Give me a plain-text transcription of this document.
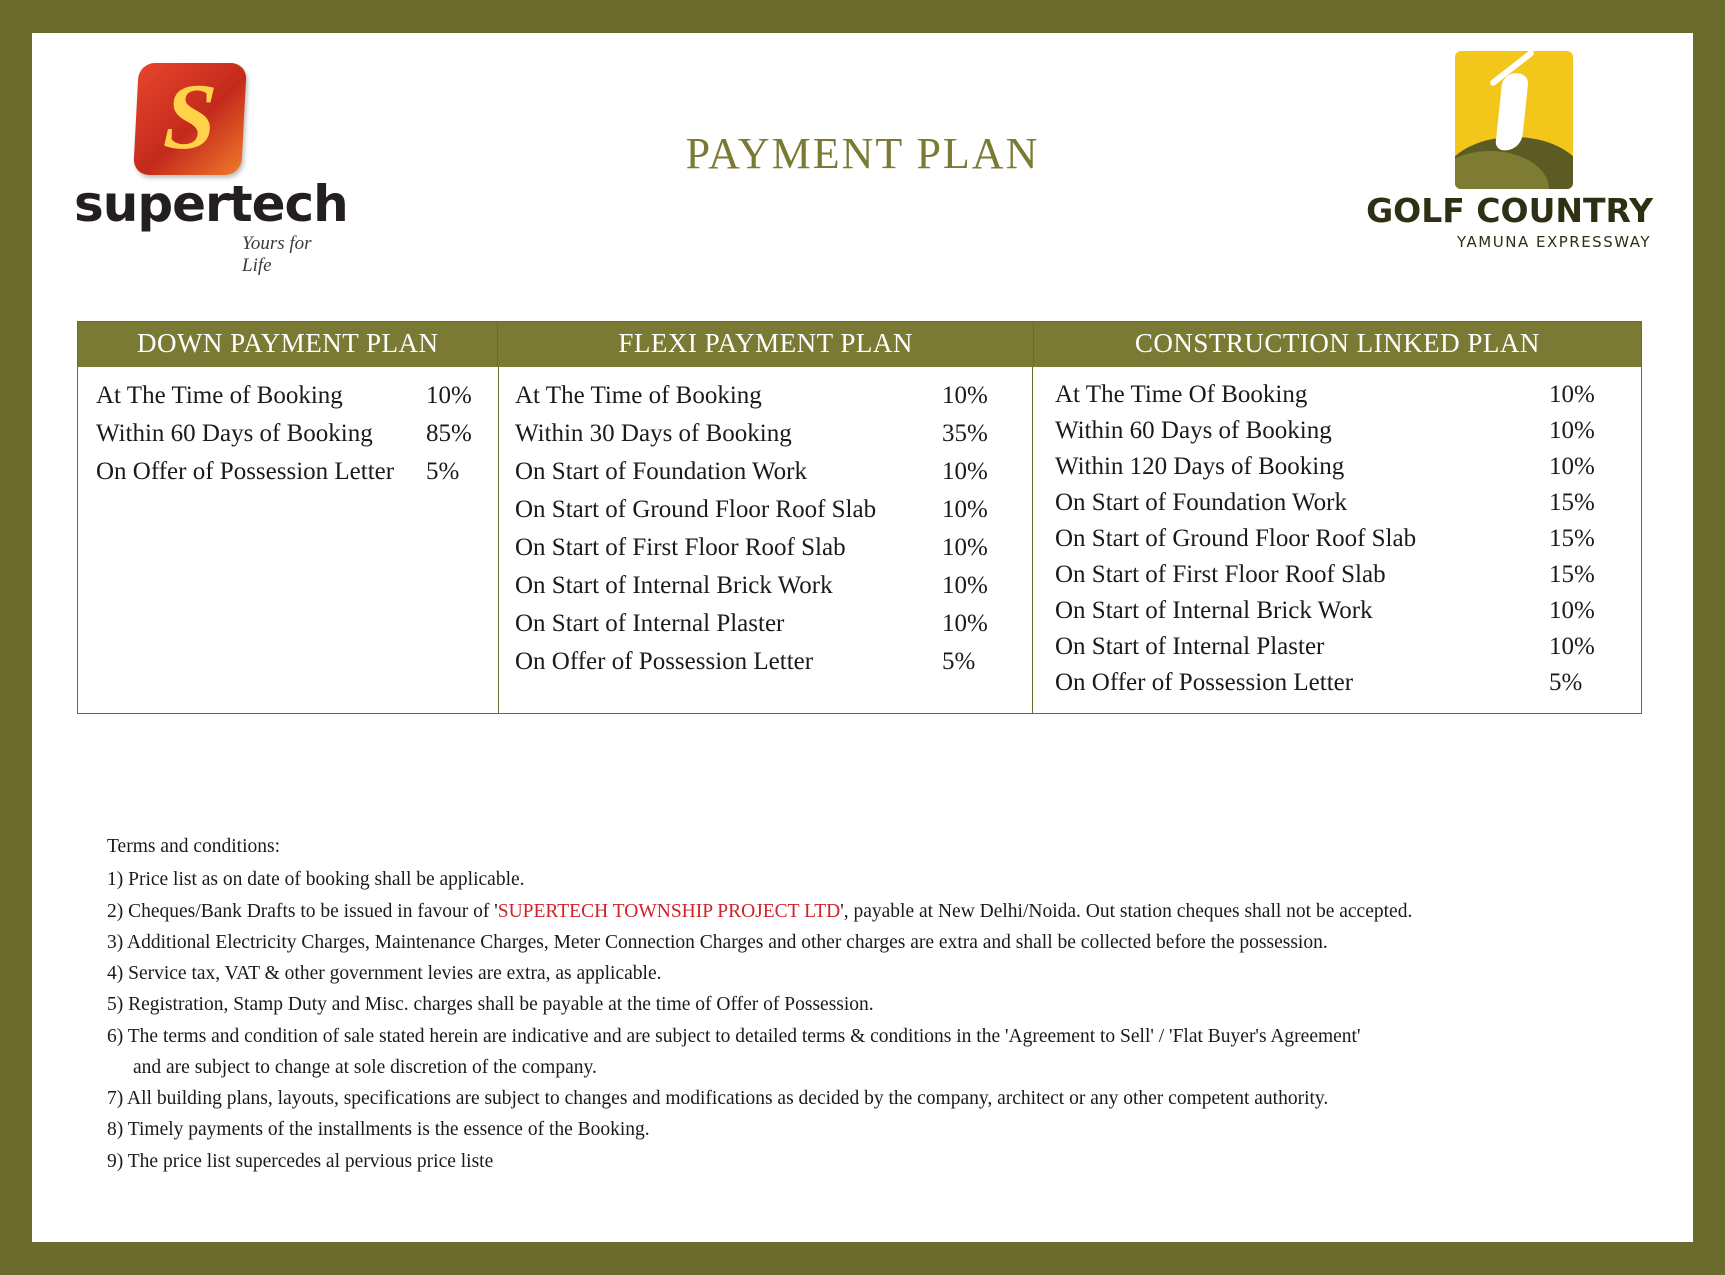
S
supertech
Yours for Life
PAYMENT PLAN
GOLF COUNTRY
YAMUNA EXPRESSWAY
DOWN PAYMENT PLAN	FLEXI PAYMENT PLAN	CONSTRUCTION LINKED PLAN
At The Time of Booking	10%
Within 60 Days of Booking	85%
On Offer of Possession Letter	5%
At The Time of Booking	10%
Within 30 Days of Booking	35%
On Start of Foundation Work	10%
On Start of Ground Floor Roof Slab	10%
On Start of First Floor Roof Slab	10%
On Start of Internal Brick Work	10%
On Start of Internal Plaster	10%
On Offer of Possession Letter	5%
At The Time Of Booking	10%
Within 60 Days of Booking	10%
Within 120 Days of Booking	10%
On Start of Foundation Work	15%
On Start of Ground Floor Roof Slab	15%
On Start of First Floor Roof Slab	15%
On Start of Internal Brick Work	10%
On Start of Internal Plaster	10%
On Offer of Possession Letter	5%
Terms and conditions:
1) Price list as on date of booking shall be applicable.
2) Cheques/Bank Drafts to be issued in favour of 'SUPERTECH TOWNSHIP PROJECT LTD', payable at New Delhi/Noida. Out station cheques shall not be accepted.
3) Additional Electricity Charges, Maintenance Charges, Meter Connection Charges and other charges are extra and shall be collected before the possession.
4) Service tax, VAT & other government levies are extra, as applicable.
5) Registration, Stamp Duty and Misc. charges shall be payable at the time of Offer of Possession.
6) The terms and condition of sale stated herein are indicative and are subject to detailed terms & conditions in the 'Agreement to Sell' / 'Flat Buyer's Agreement'
and are subject to change at sole discretion of the company.
7) All building plans, layouts, specifications are subject to changes and modifications as decided by the company, architect or any other competent authority.
8) Timely payments of the installments is the essence of the Booking.
9) The price list supercedes al pervious price liste
